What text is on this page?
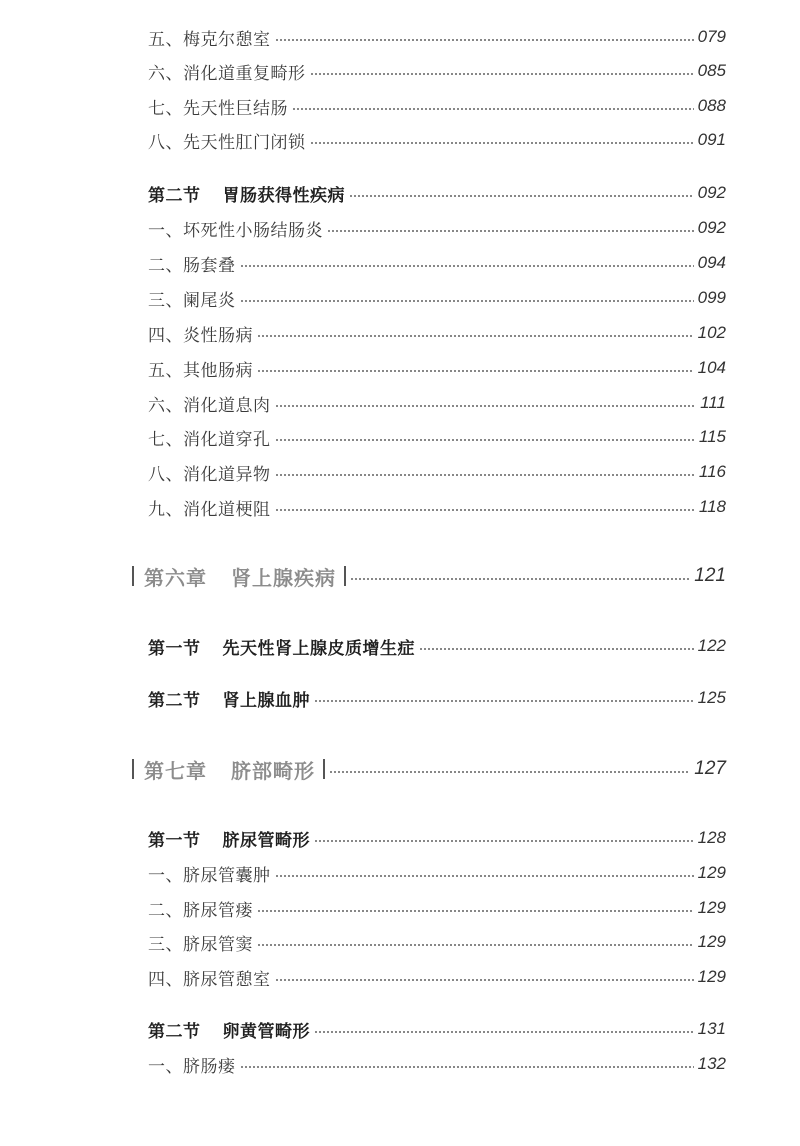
五、梅克尔憩室	079
六、消化道重复畸形	085
七、先天性巨结肠	088
八、先天性肛门闭锁	091
第二节 胃肠获得性疾病	092
一、坏死性小肠结肠炎	092
二、肠套叠	094
三、阑尾炎	099
四、炎性肠病	102
五、其他肠病	104
六、消化道息肉	111
七、消化道穿孔	115
八、消化道异物	116
九、消化道梗阻	118
第六章 肾上腺疾病	121
第一节 先天性肾上腺皮质增生症	122
第二节 肾上腺血肿	125
第七章 脐部畸形	127
第一节 脐尿管畸形	128
一、脐尿管囊肿	129
二、脐尿管瘘	129
三、脐尿管窦	129
四、脐尿管憩室	129
第二节 卵黄管畸形	131
一、脐肠瘘	132
